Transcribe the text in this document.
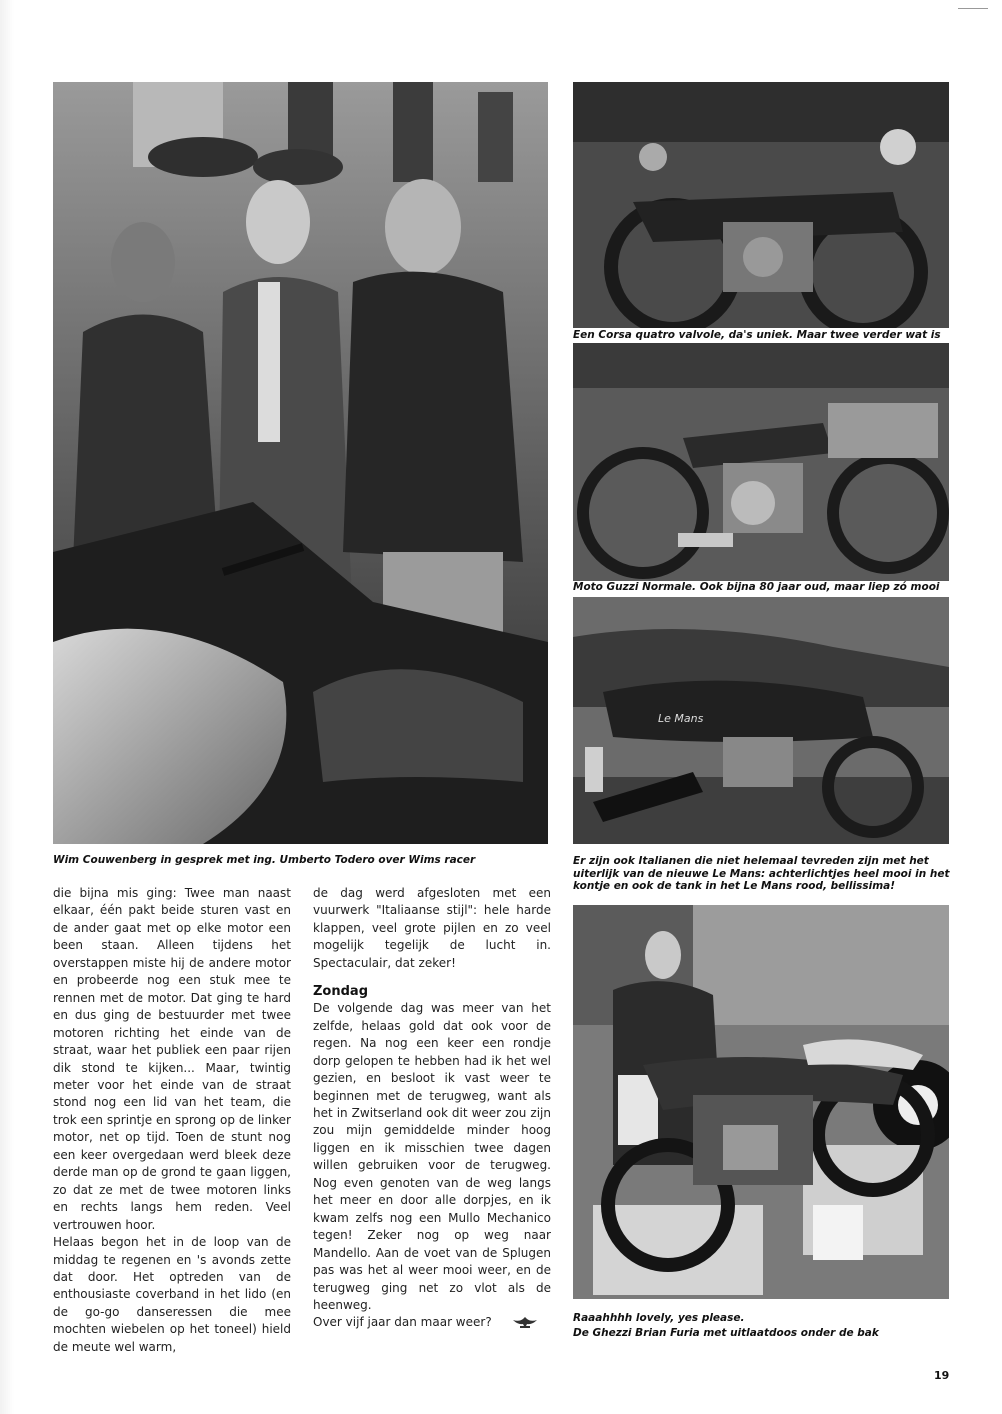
Een Corsa quatro valvole, da's uniek. Maar twee verder wat is
Moto Guzzi Normale. Ook bijna 80 jaar oud, maar liep zó mooi
Le Mans
Er zijn ook Italianen die niet helemaal tevreden zijn met het uiterlijk van de nieuwe Le Mans: achterlichtjes heel mooi in het kontje en ook de tank in het Le Mans rood, bellissima!
Raaahhhh lovely, yes please.
De Ghezzi Brian Furia met uitlaatdoos onder de bak
Wim Couwenberg in gesprek met ing. Umberto Todero over Wims racer

die bijna mis ging: Twee man naast elkaar, één pakt beide sturen vast en de ander gaat met op elke motor een been staan. Alleen tijdens het overstappen miste hij de andere motor en probeerde nog een stuk mee te rennen met de motor. Dat ging te hard en dus ging de bestuurder met twee motoren richting het einde van de straat, waar het publiek een paar rijen dik stond te kijken... Maar, twintig meter voor het einde van de straat stond nog een lid van het team, die trok een sprintje en sprong op de linker motor, net op tijd. Toen de stunt nog een keer overgedaan werd bleek deze derde man op de grond te gaan liggen, zo dat ze met de twee motoren links en rechts langs hem reden. Veel vertrouwen hoor.

Helaas begon het in de loop van de middag te regenen en 's avonds zette dat door. Het optreden van de enthousiaste coverband in het lido (en de go-go danseressen die mee mochten wiebelen op het toneel) hield de meute wel warm,

de dag werd afgesloten met een vuurwerk "Italiaanse stijl": hele harde klappen, veel grote pijlen en zo veel mogelijk tegelijk de lucht in. Spectaculair, dat zeker!

Zondag

De volgende dag was meer van het zelfde, helaas gold dat ook voor de regen. Na nog een keer een rondje dorp gelopen te hebben had ik het wel gezien, en besloot ik vast weer te beginnen met de terugweg, want als het in Zwitserland ook dit weer zou zijn zou mijn gemiddelde minder hoog liggen en ik misschien twee dagen willen gebruiken voor de terugweg. Nog even genoten van de weg langs het meer en door alle dorpjes, en ik kwam zelfs nog een Mullo Mechanico tegen! Zeker nog op weg naar Mandello. Aan de voet van de Splugen pas was het al weer mooi weer, en de terugweg ging net zo vlot als de heenweg.

Over vijf jaar dan maar weer?
19
